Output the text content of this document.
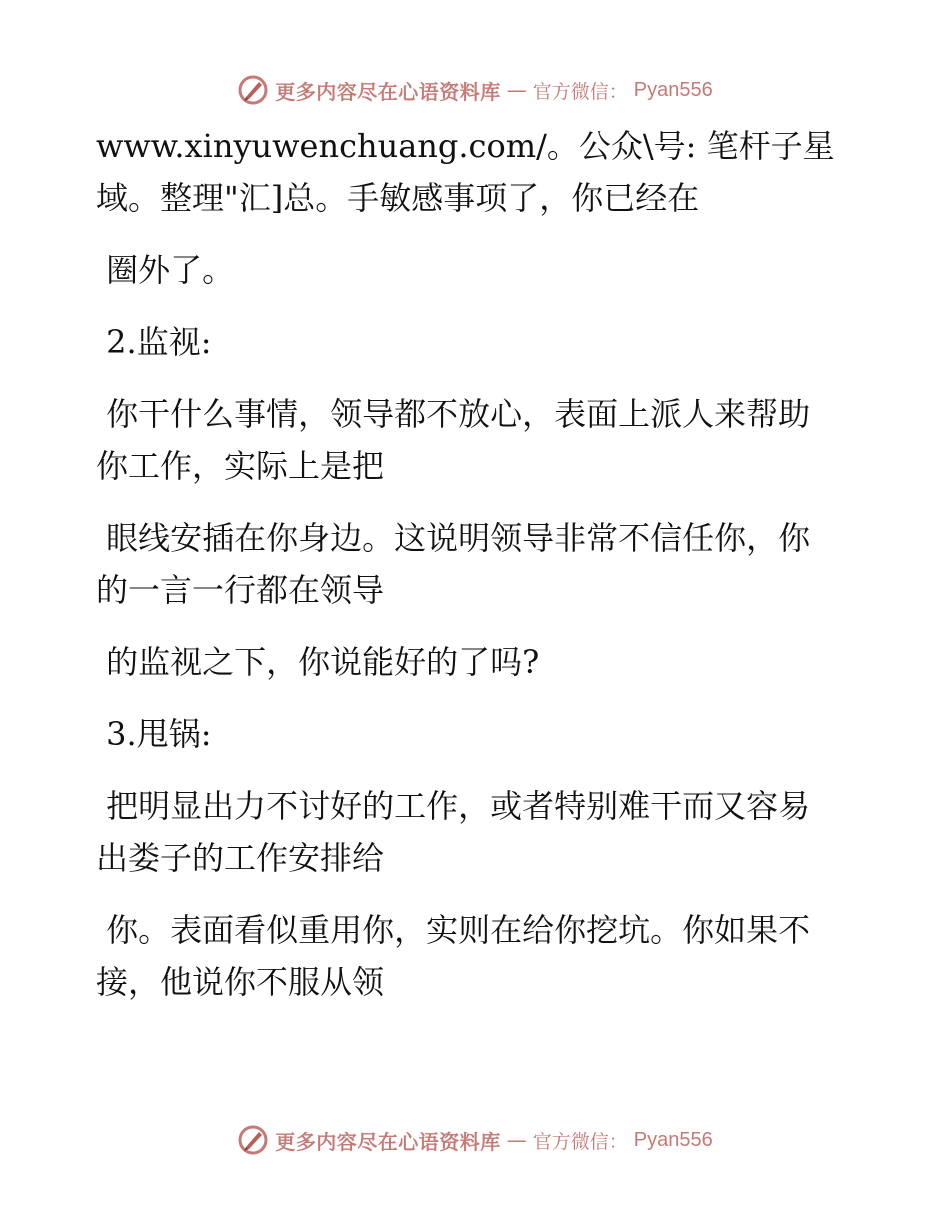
更多内容尽在心语资料库 — 官方微信： Pyan556

www.xinyuwenchuang.com/。公众\号: 笔杆子星域。整理"汇]总。手敏感事项了，你已经在

圈外了。

2.监视:

你干什么事情，领导都不放心，表面上派人来帮助你工作，实际上是把

眼线安插在你身边。这说明领导非常不信任你，你的一言一行都在领导

的监视之下，你说能好的了吗?

3.甩锅:

把明显出力不讨好的工作，或者特别难干而又容易出娄子的工作安排给

你。表面看似重用你，实则在给你挖坑。你如果不接，他说你不服从领

更多内容尽在心语资料库 — 官方微信： Pyan556
